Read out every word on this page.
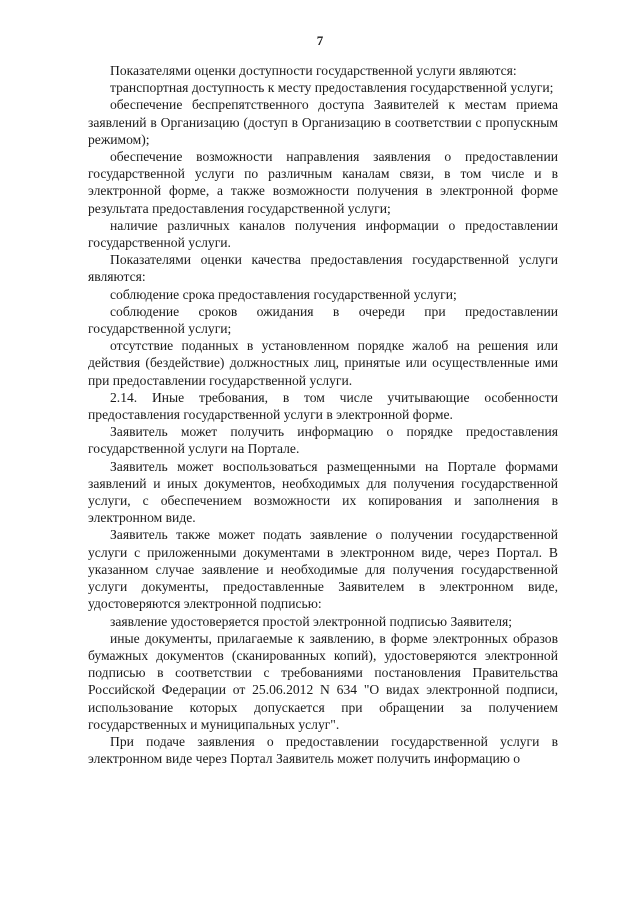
7

Показателями оценки доступности государственной услуги являются:

транспортная доступность к месту предоставления государственной услуги;

обеспечение беспрепятственного доступа Заявителей к местам приема заявлений в Организацию (доступ в Организацию в соответствии с пропускным режимом);

обеспечение возможности направления заявления о предоставлении государственной услуги по различным каналам связи, в том числе и в электронной форме, а также возможности получения в электронной форме результата предоставления государственной услуги;

наличие различных каналов получения информации о предоставлении государственной услуги.

Показателями оценки качества предоставления государственной услуги являются:

соблюдение срока предоставления государственной услуги;

соблюдение сроков ожидания в очереди при предоставлении государственной услуги;

отсутствие поданных в установленном порядке жалоб на решения или действия (бездействие) должностных лиц, принятые или осуществленные ими при предоставлении государственной услуги.

2.14. Иные требования, в том числе учитывающие особенности предоставления государственной услуги в электронной форме.

Заявитель может получить информацию о порядке предоставления государственной услуги на Портале.

Заявитель может воспользоваться размещенными на Портале формами заявлений и иных документов, необходимых для получения государственной услуги, с обеспечением возможности их копирования и заполнения в электронном виде.

Заявитель также может подать заявление о получении государственной услуги с приложенными документами в электронном виде, через Портал. В указанном случае заявление и необходимые для получения государственной услуги документы, предоставленные Заявителем в электронном виде, удостоверяются электронной подписью:

заявление удостоверяется простой электронной подписью Заявителя;

иные документы, прилагаемые к заявлению, в форме электронных образов бумажных документов (сканированных копий), удостоверяются электронной подписью в соответствии с требованиями постановления Правительства Российской Федерации от 25.06.2012 N 634 "О видах электронной подписи, использование которых допускается при обращении за получением государственных и муниципальных услуг".

При подаче заявления о предоставлении государственной услуги в электронном виде через Портал Заявитель может получить информацию о
